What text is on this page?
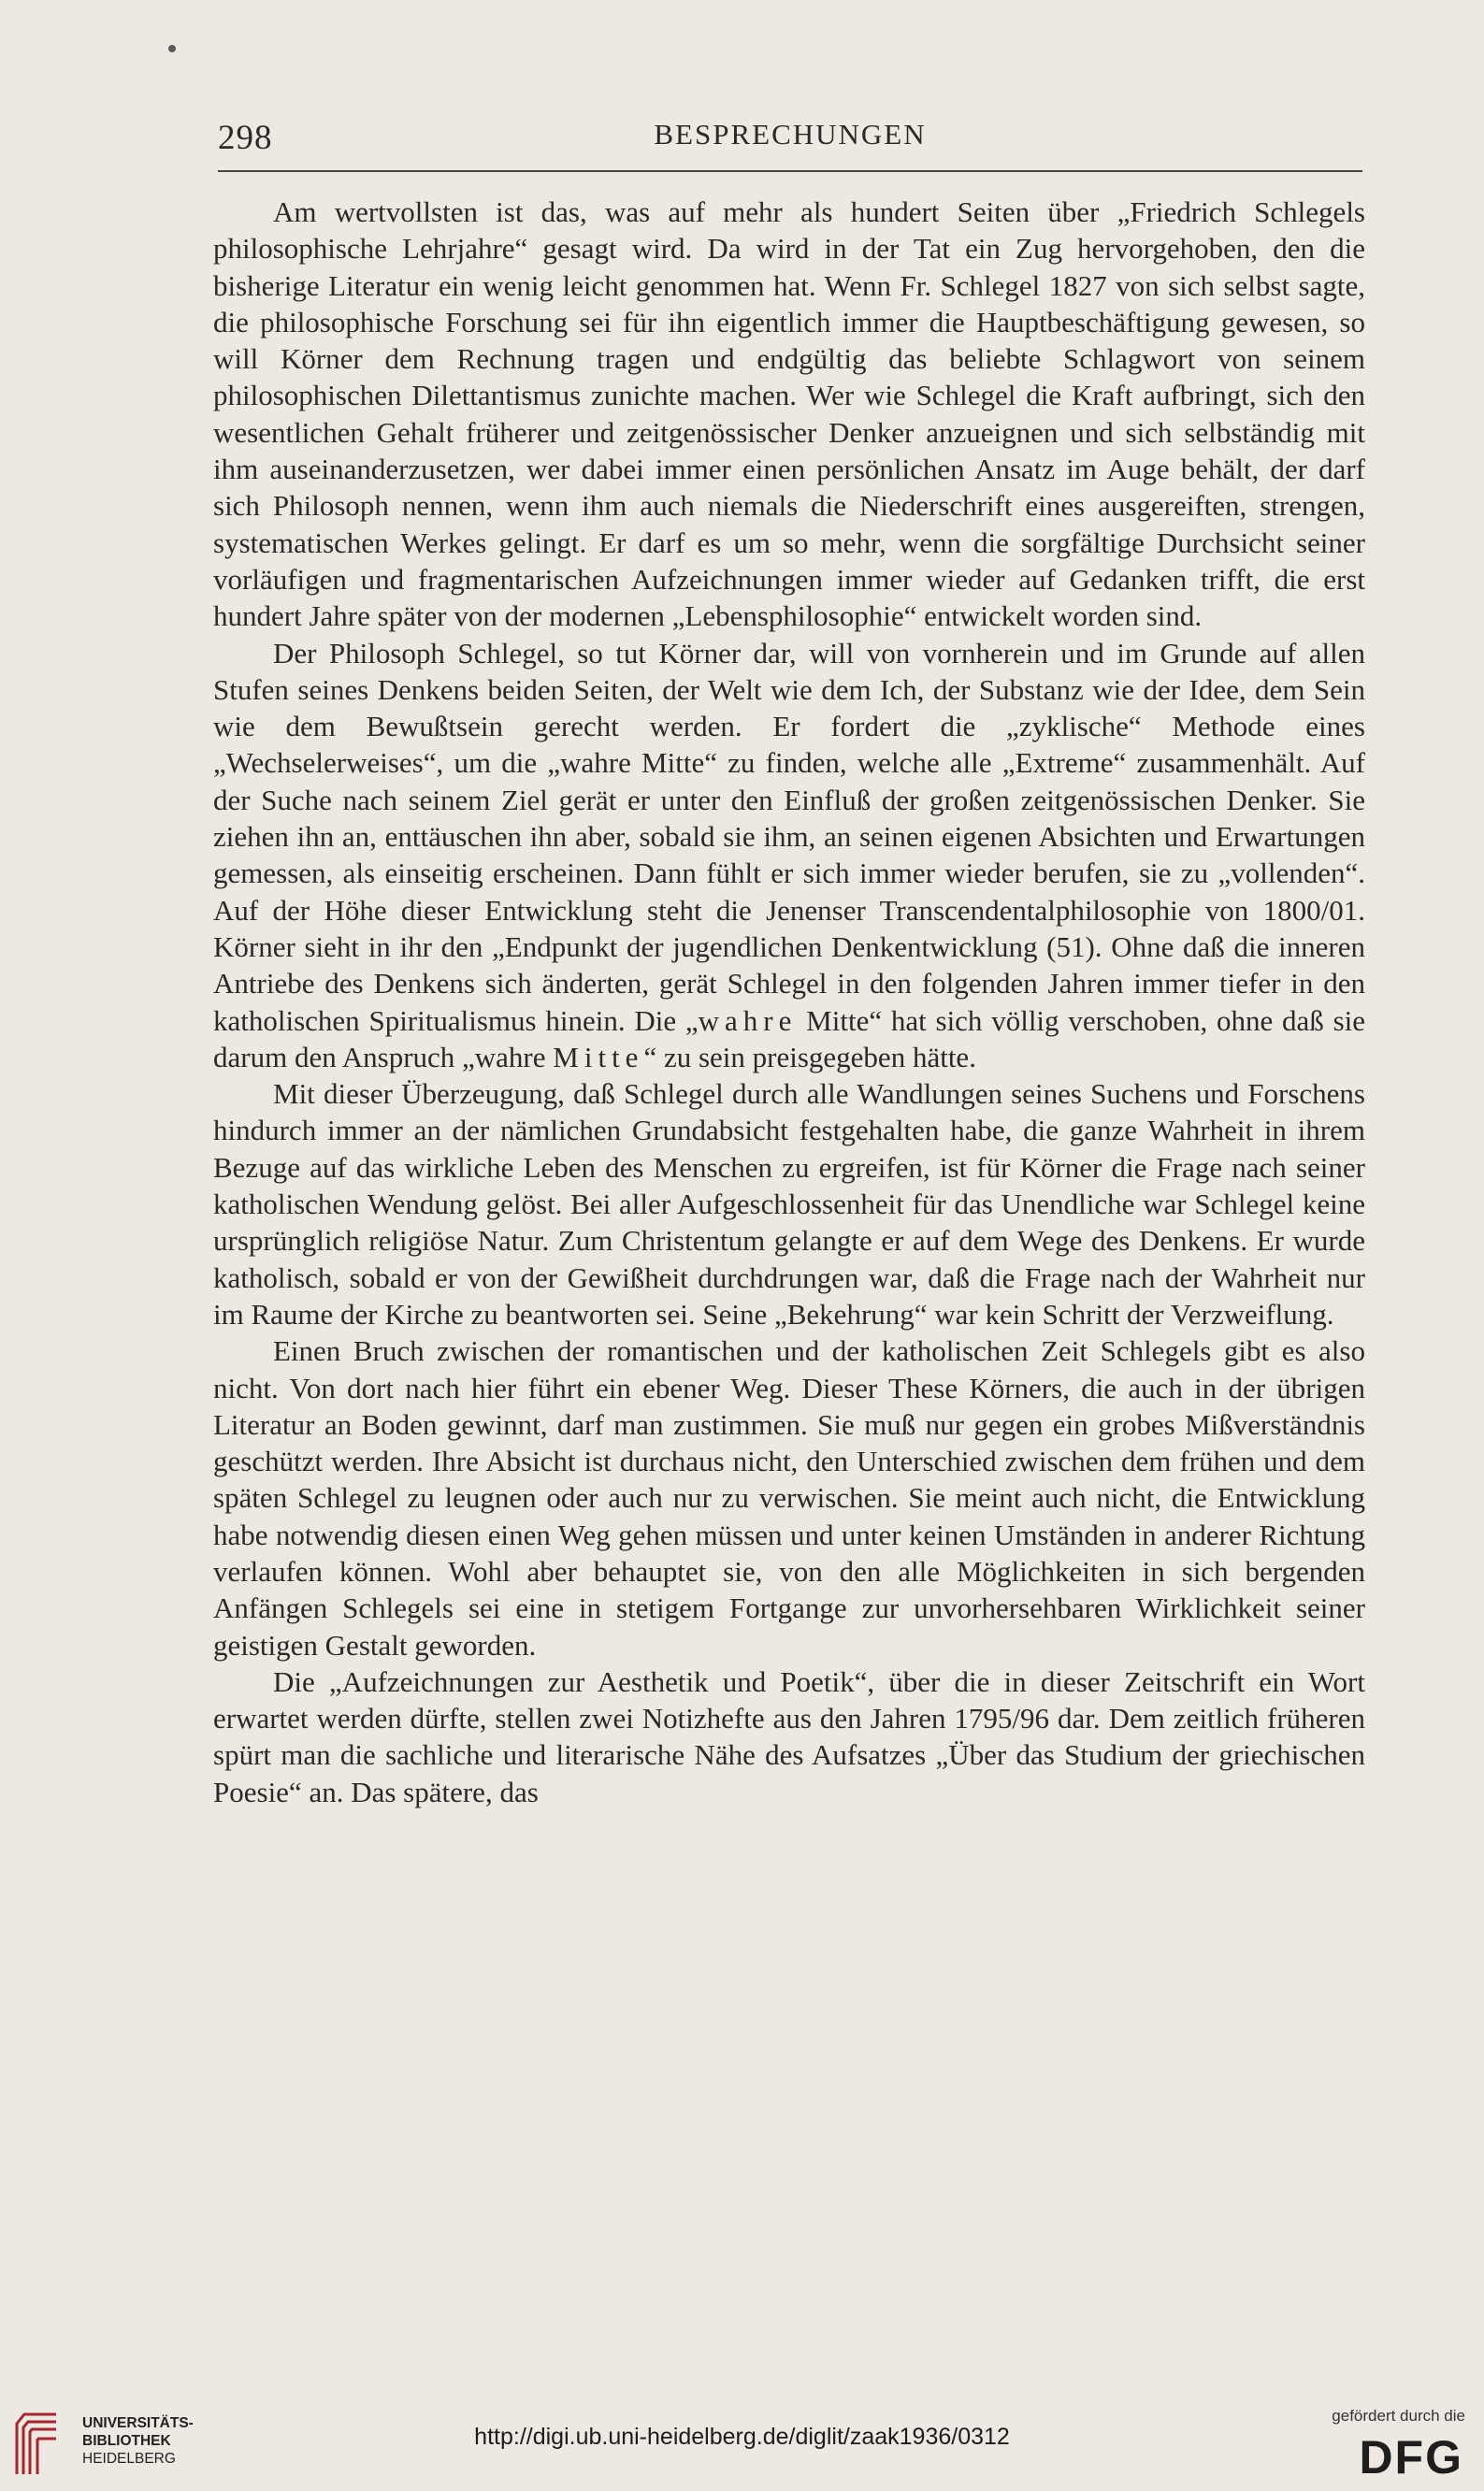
298	BESPRECHUNGEN

Am wertvollsten ist das, was auf mehr als hundert Seiten über „Friedrich Schlegels philosophische Lehrjahre“ gesagt wird. Da wird in der Tat ein Zug hervorgehoben, den die bisherige Literatur ein wenig leicht genommen hat. Wenn Fr. Schlegel 1827 von sich selbst sagte, die philosophische Forschung sei für ihn eigentlich immer die Hauptbeschäftigung gewesen, so will Körner dem Rechnung tragen und endgültig das beliebte Schlagwort von seinem philosophischen Dilettantismus zunichte machen. Wer wie Schlegel die Kraft aufbringt, sich den wesentlichen Gehalt früherer und zeitgenössischer Denker anzueignen und sich selbständig mit ihm auseinanderzusetzen, wer dabei immer einen persönlichen Ansatz im Auge behält, der darf sich Philosoph nennen, wenn ihm auch niemals die Niederschrift eines ausgereiften, strengen, systematischen Werkes gelingt. Er darf es um so mehr, wenn die sorgfältige Durchsicht seiner vorläufigen und fragmentarischen Aufzeichnungen immer wieder auf Gedanken trifft, die erst hundert Jahre später von der modernen „Lebensphilosophie“ entwickelt worden sind.

Der Philosoph Schlegel, so tut Körner dar, will von vornherein und im Grunde auf allen Stufen seines Denkens beiden Seiten, der Welt wie dem Ich, der Substanz wie der Idee, dem Sein wie dem Bewußtsein gerecht werden. Er fordert die „zyklische“ Methode eines „Wechselerweises“, um die „wahre Mitte“ zu finden, welche alle „Extreme“ zusammenhält. Auf der Suche nach seinem Ziel gerät er unter den Einfluß der großen zeitgenössischen Denker. Sie ziehen ihn an, enttäuschen ihn aber, sobald sie ihm, an seinen eigenen Absichten und Erwartungen gemessen, als einseitig erscheinen. Dann fühlt er sich immer wieder berufen, sie zu „vollenden“. Auf der Höhe dieser Entwicklung steht die Jenenser Transcendentalphilosophie von 1800/01. Körner sieht in ihr den „Endpunkt der jugendlichen Denkentwicklung (51). Ohne daß die inneren Antriebe des Denkens sich änderten, gerät Schlegel in den folgenden Jahren immer tiefer in den katholischen Spiritualismus hinein. Die „wahre Mitte“ hat sich völlig verschoben, ohne daß sie darum den Anspruch „wahre Mitte“ zu sein preisgegeben hätte.

Mit dieser Überzeugung, daß Schlegel durch alle Wandlungen seines Suchens und Forschens hindurch immer an der nämlichen Grundabsicht festgehalten habe, die ganze Wahrheit in ihrem Bezuge auf das wirkliche Leben des Menschen zu ergreifen, ist für Körner die Frage nach seiner katholischen Wendung gelöst. Bei aller Aufgeschlossenheit für das Unendliche war Schlegel keine ursprünglich religiöse Natur. Zum Christentum gelangte er auf dem Wege des Denkens. Er wurde katholisch, sobald er von der Gewißheit durchdrungen war, daß die Frage nach der Wahrheit nur im Raume der Kirche zu beantworten sei. Seine „Bekehrung“ war kein Schritt der Verzweiflung.

Einen Bruch zwischen der romantischen und der katholischen Zeit Schlegels gibt es also nicht. Von dort nach hier führt ein ebener Weg. Dieser These Körners, die auch in der übrigen Literatur an Boden gewinnt, darf man zustimmen. Sie muß nur gegen ein grobes Mißverständnis geschützt werden. Ihre Absicht ist durchaus nicht, den Unterschied zwischen dem frühen und dem späten Schlegel zu leugnen oder auch nur zu verwischen. Sie meint auch nicht, die Entwicklung habe notwendig diesen einen Weg gehen müssen und unter keinen Umständen in anderer Richtung verlaufen können. Wohl aber behauptet sie, von den alle Möglichkeiten in sich bergenden Anfängen Schlegels sei eine in stetigem Fortgange zur unvorhersehbaren Wirklichkeit seiner geistigen Gestalt geworden.

Die „Aufzeichnungen zur Aesthetik und Poetik“, über die in dieser Zeitschrift ein Wort erwartet werden dürfte, stellen zwei Notizhefte aus den Jahren 1795/96 dar. Dem zeitlich früheren spürt man die sachliche und literarische Nähe des Aufsatzes „Über das Studium der griechischen Poesie“ an. Das spätere, das

UNIVERSITÄTS-
BIBLIOTHEK
HEIDELBERG
http://digi.ub.uni-heidelberg.de/diglit/zaak1936/0312
gefördert durch die
DFG
